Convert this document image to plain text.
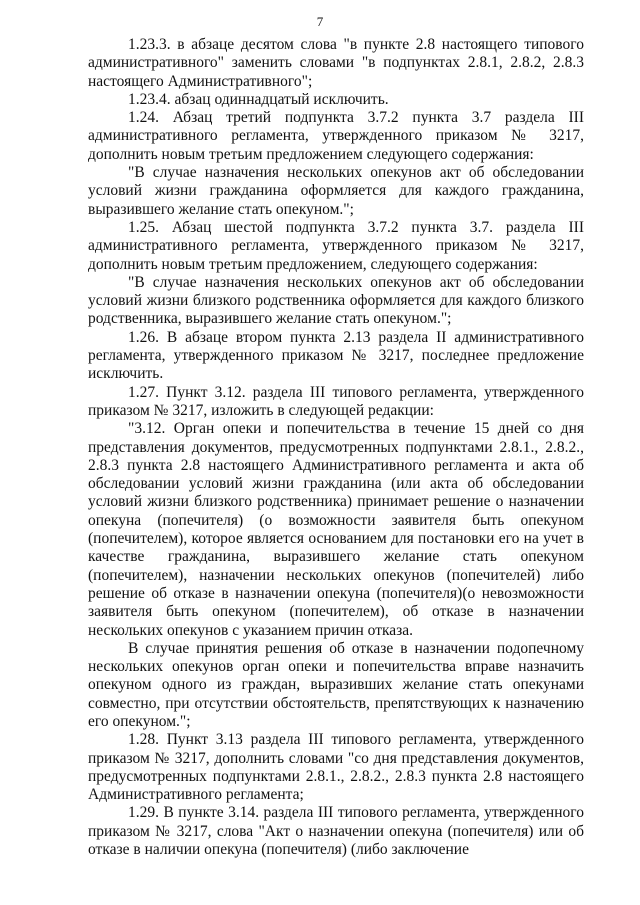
7

1.23.3. в абзаце десятом слова "в пункте 2.8 настоящего типового административного" заменить словами "в подпунктах 2.8.1, 2.8.2, 2.8.3 настоящего Административного";

1.23.4. абзац одиннадцатый исключить.

1.24. Абзац третий подпункта 3.7.2 пункта 3.7 раздела III административного регламента, утвержденного приказом № 3217, дополнить новым третьим предложением следующего содержания:

"В случае назначения нескольких опекунов акт об обследовании условий жизни гражданина оформляется для каждого гражданина, выразившего желание стать опекуном.";

1.25. Абзац шестой подпункта 3.7.2 пункта 3.7. раздела III административного регламента, утвержденного приказом № 3217, дополнить новым третьим предложением, следующего содержания:

"В случае назначения нескольких опекунов акт об обследовании условий жизни близкого родственника оформляется для каждого близкого родственника, выразившего желание стать опекуном.";

1.26. В абзаце втором пункта 2.13 раздела II административного регламента, утвержденного приказом № 3217, последнее предложение исключить.

1.27. Пункт 3.12. раздела III типового регламента, утвержденного приказом № 3217, изложить в следующей редакции:

"3.12. Орган опеки и попечительства в течение 15 дней со дня представления документов, предусмотренных подпунктами 2.8.1., 2.8.2., 2.8.3 пункта 2.8 настоящего Административного регламента и акта об обследовании условий жизни гражданина (или акта об обследовании условий жизни близкого родственника) принимает решение о назначении опекуна (попечителя) (о возможности заявителя быть опекуном (попечителем), которое является основанием для постановки его на учет в качестве гражданина, выразившего желание стать опекуном (попечителем), назначении нескольких опекунов (попечителей) либо решение об отказе в назначении опекуна (попечителя)(о невозможности заявителя быть опекуном (попечителем), об отказе в назначении нескольких опекунов с указанием причин отказа.

В случае принятия решения об отказе в назначении подопечному нескольких опекунов орган опеки и попечительства вправе назначить опекуном одного из граждан, выразивших желание стать опекунами совместно, при отсутствии обстоятельств, препятствующих к назначению его опекуном.";

1.28. Пункт 3.13 раздела III типового регламента, утвержденного приказом № 3217, дополнить словами "со дня представления документов, предусмотренных подпунктами 2.8.1., 2.8.2., 2.8.3 пункта 2.8 настоящего Административного регламента;

1.29. В пункте 3.14. раздела III типового регламента, утвержденного приказом № 3217, слова "Акт о назначении опекуна (попечителя) или об отказе в наличии опекуна (попечителя) (либо заключение
